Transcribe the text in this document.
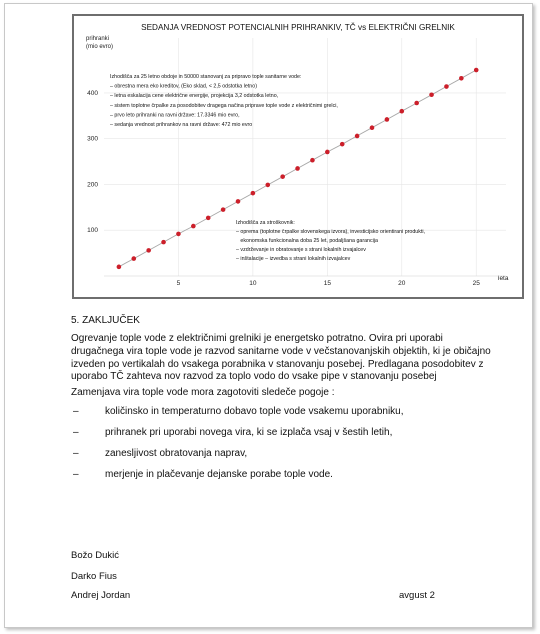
SEDANJA VREDNOST POTENCIALNIH PRIHRANKIV, TČ vs ELEKTRIČNI GRELNIK
prihranki
(mio evro)
leta
100
200
300
400
5	10	15	20	25
Izhodišča za 25 letno obdoje in 50000 stanovanj za pripravo tople sanitarne vode:
– obrestna mera eko kreditov, (Eko sklad, < 2,5 odstotka letno)
– letna eskalacija cene električne energije, projekcija 3,2 odstotka letno,
– sistem toplotne črpalke za posodobitev dragega načina priprave tople vode z električnimi grelci,
– prvo leto prihranki na ravni države: 17.3346 mio evro,
– sedanja vrednost prihrankov na ravni države: 472 mio evro
Izhodišča za stroškovnik:
– oprema (toplotne črpalke slovenskega izvora), investicijsko orientirani produkti,
ekonomska funkcionalna doba 25 let, podaljšana garancija
– vzdrževanje in obratovanje s strani lokalnih izvajalcev
– inštalacije – izvedba s strani lokalnih izvajalcev
5. ZAKLJUČEK
Ogrevanje tople vode z električnimi grelniki je energetsko potratno. Ovira pri uporabi drugačnega vira tople vode je razvod sanitarne vode v večstanovanjskih objektih, ki je običajno izveden po vertikalah do vsakega porabnika v stanovanju posebej. Predlagana posodobitev z uporabo TČ zahteva nov razvod za toplo vodo do vsake pipe v stanovanju posebej
Zamenjava vira tople vode mora zagotoviti sledeče pogoje :
–	količinsko in temperaturno dobavo tople vode vsakemu uporabniku,
–	prihranek pri uporabi novega vira, ki se izplača vsaj v šestih letih,
–	zanesljivost obratovanja naprav,
–	merjenje in plačevanje dejanske porabe tople vode.
Božo Dukić
Darko Fius
Andrej Jordan	avgust 2
